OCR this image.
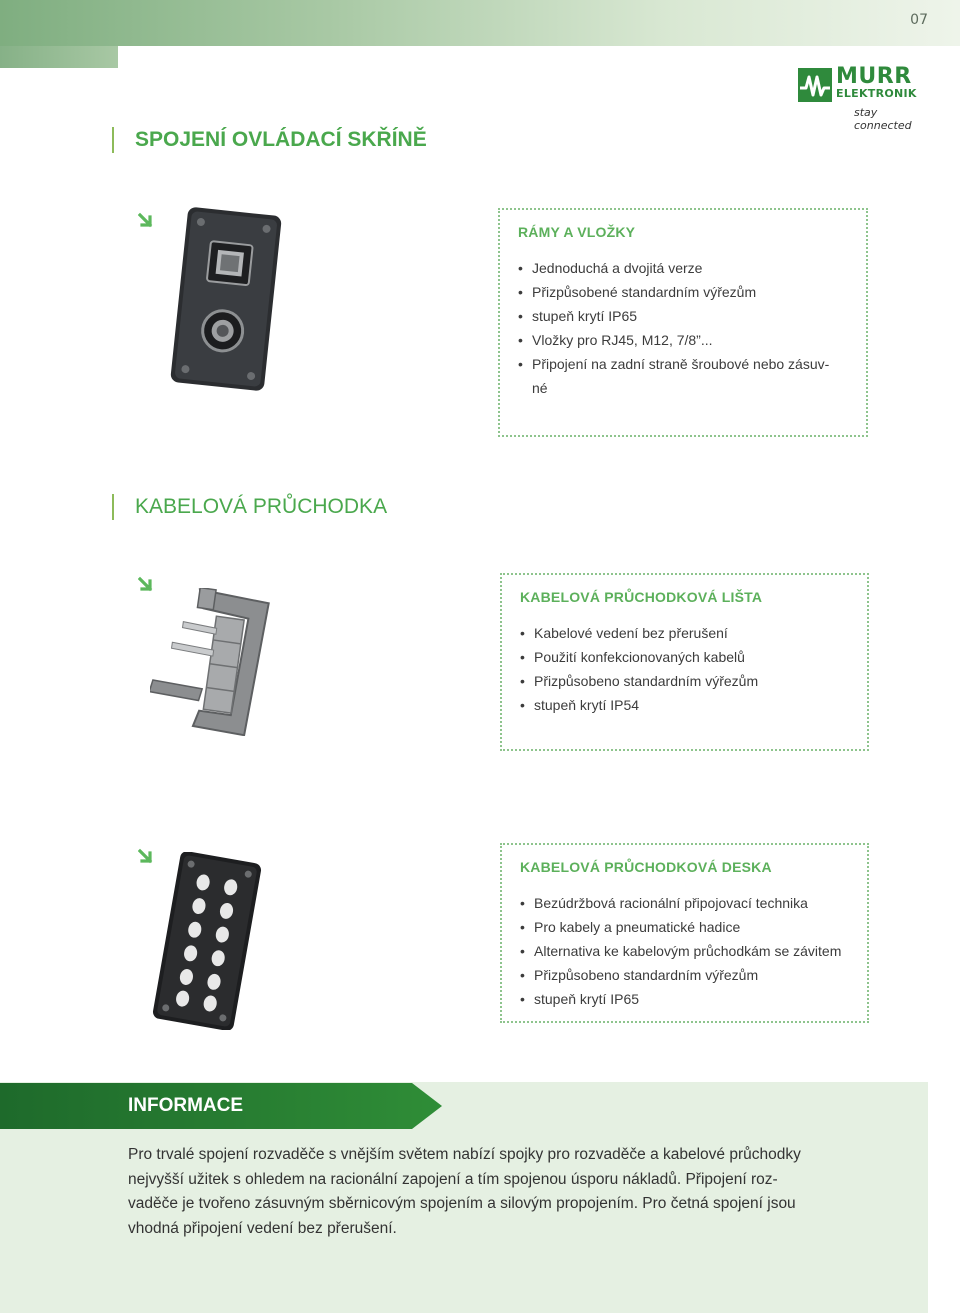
07
MURR
ELEKTRONIK
stay connected
SPOJENÍ OVLÁDACÍ SKŘÍNĚ
RÁMY A VLOŽKY
• Jednoduchá a dvojitá verze
• Přizpůsobené standardním výřezům
• stupeň krytí IP65
• Vložky pro RJ45, M12, 7/8”...
• Připojení na zadní straně šroubové nebo zásuv-
né
KABELOVÁ PRŮCHODKA
KABELOVÁ PRŮCHODKOVÁ LIŠTA
• Kabelové vedení bez přerušení
• Použití konfekcionovaných kabelů
• Přizpůsobeno standardním výřezům
• stupeň krytí IP54
KABELOVÁ PRŮCHODKOVÁ DESKA
• Bezúdržbová racionální připojovací technika
• Pro kabely a pneumatické hadice
• Alternativa ke kabelovým průchodkám se závitem
• Přizpůsobeno standardním výřezům
• stupeň krytí IP65
INFORMACE
Pro trvalé spojení rozvaděče s vnějším světem nabízí spojky pro rozvaděče a kabelové průchodky nejvyšší užitek s ohledem na racionální zapojení a tím spojenou úsporu nákladů. Připojení roz-vaděče je tvořeno zásuvným sběrnicovým spojením a silovým propojením. Pro četná spojení jsou vhodná připojení vedení bez přerušení.
